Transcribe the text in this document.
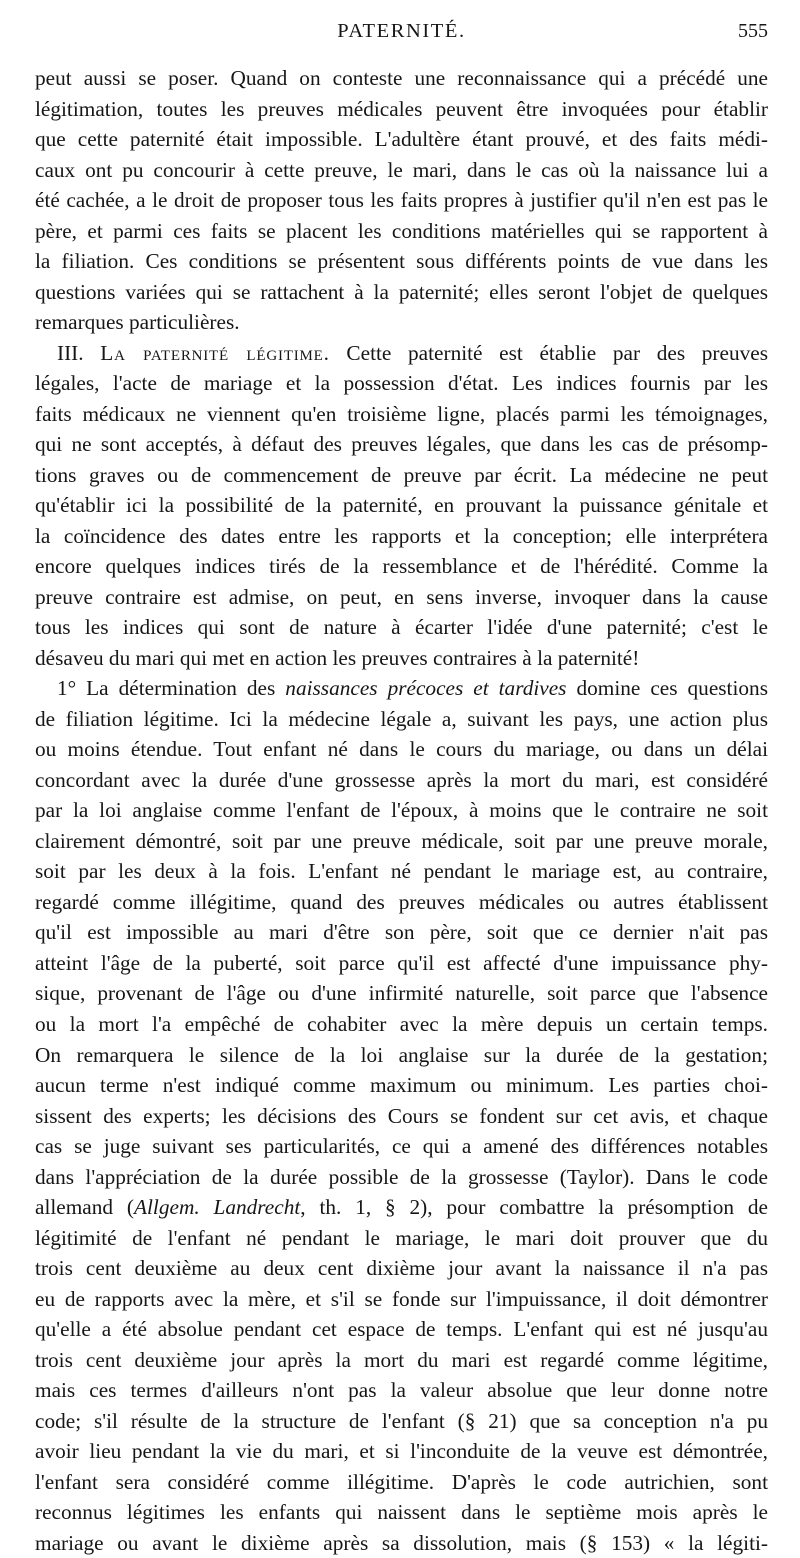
PATERNITÉ.	555
peut aussi se poser. Quand on conteste une reconnaissance qui a précédé une
légitimation, toutes les preuves médicales peuvent être invoquées pour établir
que cette paternité était impossible. L'adultère étant prouvé, et des faits médi-
caux ont pu concourir à cette preuve, le mari, dans le cas où la naissance lui a
été cachée, a le droit de proposer tous les faits propres à justifier qu'il n'en est pas le
père, et parmi ces faits se placent les conditions matérielles qui se rapportent à
la filiation. Ces conditions se présentent sous différents points de vue dans les
questions variées qui se rattachent à la paternité; elles seront l'objet de quelques
remarques particulières.
III. La paternité légitime. Cette paternité est établie par des preuves
légales, l'acte de mariage et la possession d'état. Les indices fournis par les
faits médicaux ne viennent qu'en troisième ligne, placés parmi les témoignages,
qui ne sont acceptés, à défaut des preuves légales, que dans les cas de présomp-
tions graves ou de commencement de preuve par écrit. La médecine ne peut
qu'établir ici la possibilité de la paternité, en prouvant la puissance génitale et
la coïncidence des dates entre les rapports et la conception; elle interprétera
encore quelques indices tirés de la ressemblance et de l'hérédité. Comme la
preuve contraire est admise, on peut, en sens inverse, invoquer dans la cause
tous les indices qui sont de nature à écarter l'idée d'une paternité; c'est le
désaveu du mari qui met en action les preuves contraires à la paternité!
1° La détermination des naissances précoces et tardives domine ces questions
de filiation légitime. Ici la médecine légale a, suivant les pays, une action plus
ou moins étendue. Tout enfant né dans le cours du mariage, ou dans un délai
concordant avec la durée d'une grossesse après la mort du mari, est considéré
par la loi anglaise comme l'enfant de l'époux, à moins que le contraire ne soit
clairement démontré, soit par une preuve médicale, soit par une preuve morale,
soit par les deux à la fois. L'enfant né pendant le mariage est, au contraire,
regardé comme illégitime, quand des preuves médicales ou autres établissent
qu'il est impossible au mari d'être son père, soit que ce dernier n'ait pas
atteint l'âge de la puberté, soit parce qu'il est affecté d'une impuissance phy-
sique, provenant de l'âge ou d'une infirmité naturelle, soit parce que l'absence
ou la mort l'a empêché de cohabiter avec la mère depuis un certain temps.
On remarquera le silence de la loi anglaise sur la durée de la gestation;
aucun terme n'est indiqué comme maximum ou minimum. Les parties choi-
sissent des experts; les décisions des Cours se fondent sur cet avis, et chaque
cas se juge suivant ses particularités, ce qui a amené des différences notables
dans l'appréciation de la durée possible de la grossesse (Taylor). Dans le code
allemand (Allgem. Landrecht, th. 1, § 2), pour combattre la présomption de
légitimité de l'enfant né pendant le mariage, le mari doit prouver que du
trois cent deuxième au deux cent dixième jour avant la naissance il n'a pas
eu de rapports avec la mère, et s'il se fonde sur l'impuissance, il doit démontrer
qu'elle a été absolue pendant cet espace de temps. L'enfant qui est né jusqu'au
trois cent deuxième jour après la mort du mari est regardé comme légitime,
mais ces termes d'ailleurs n'ont pas la valeur absolue que leur donne notre
code; s'il résulte de la structure de l'enfant (§ 21) que sa conception n'a pu
avoir lieu pendant la vie du mari, et si l'inconduite de la veuve est démontrée,
l'enfant sera considéré comme illégitime. D'après le code autrichien, sont
reconnus légitimes les enfants qui naissent dans le septième mois après le
mariage ou avant le dixième après sa dissolution, mais (§ 153) « la légiti-
